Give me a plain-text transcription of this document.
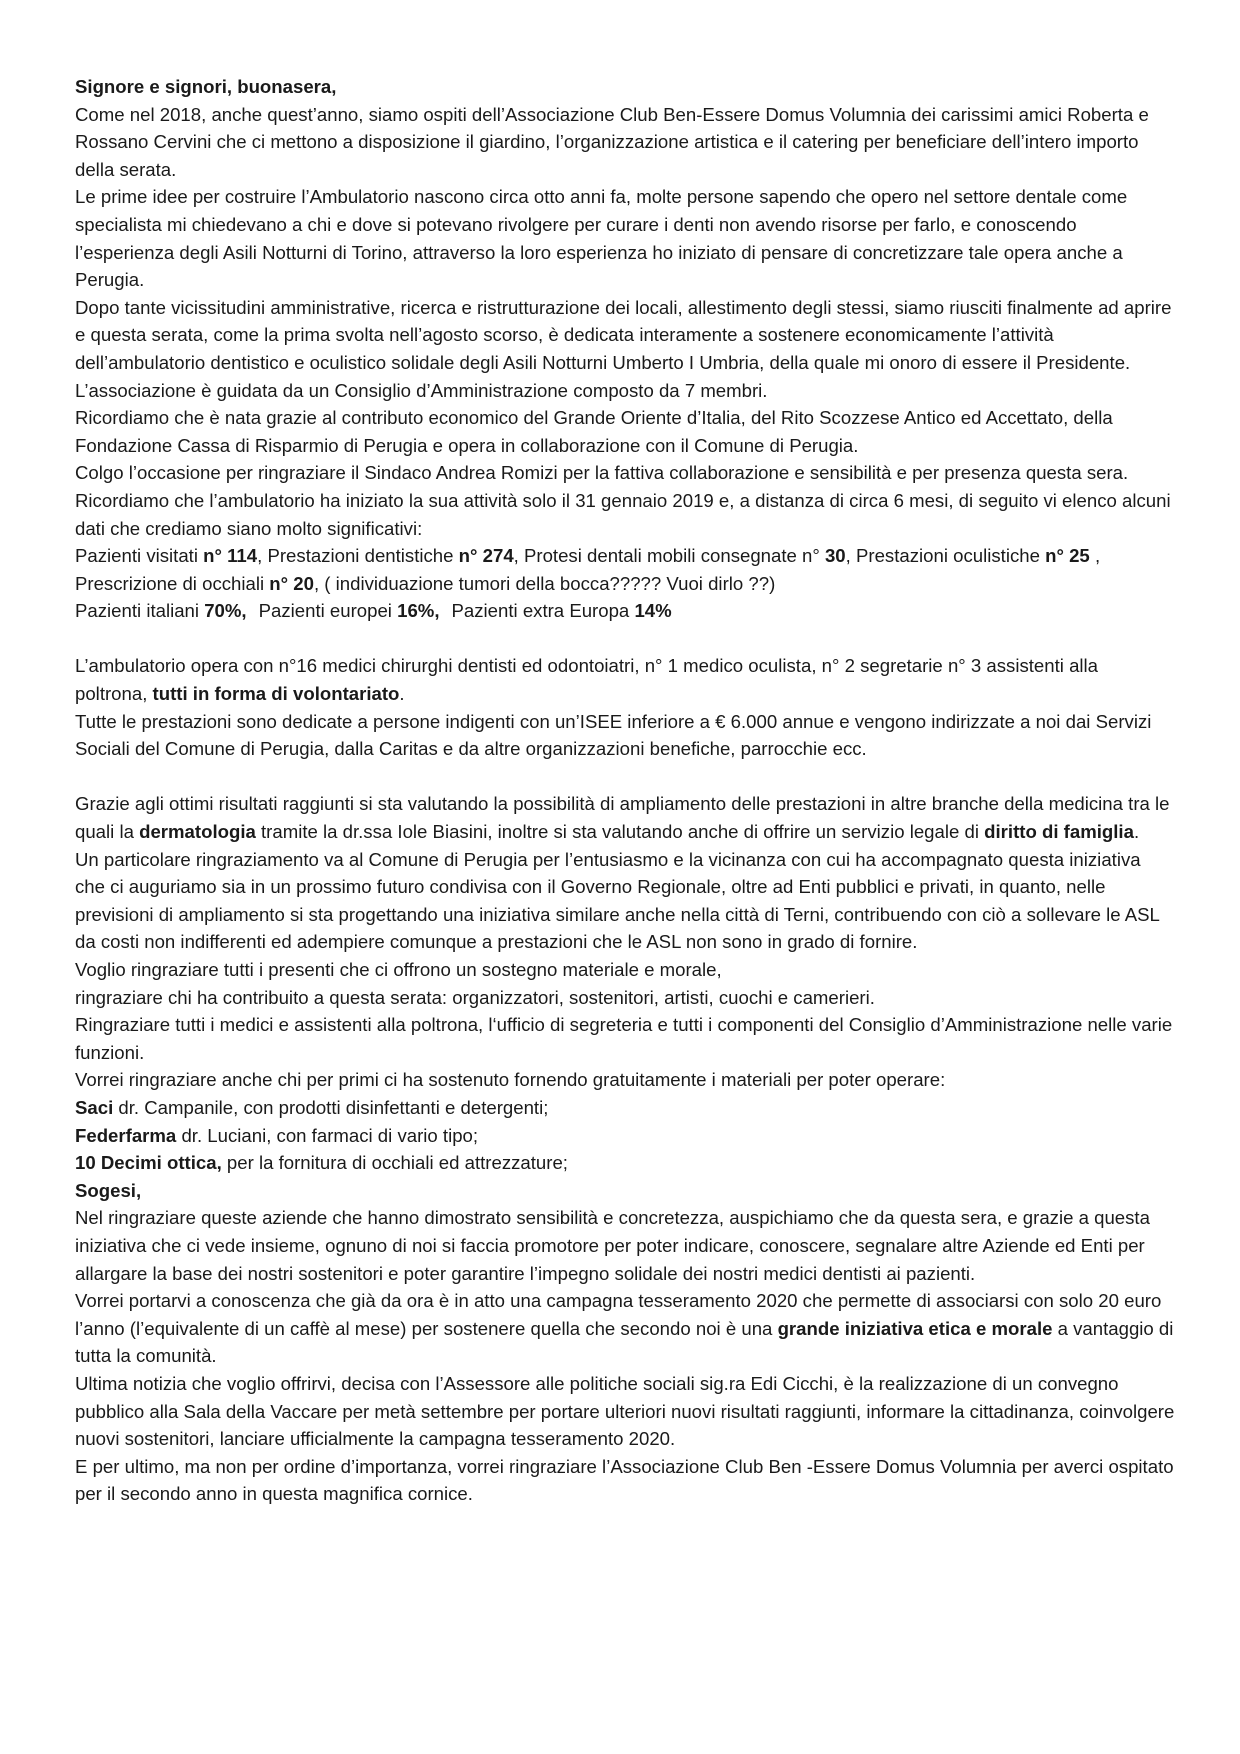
Signore e signori, buonasera,

Come nel 2018, anche quest’anno, siamo ospiti dell’Associazione Club Ben-Essere Domus Volumnia dei carissimi amici Roberta e Rossano Cervini che ci mettono a disposizione il giardino, l’organizzazione artistica e il catering per beneficiare dell’intero importo della serata.

Le prime idee per costruire l’Ambulatorio nascono circa otto anni fa, molte persone sapendo che opero nel settore dentale come specialista mi chiedevano a chi e dove si potevano rivolgere per curare i denti non avendo risorse per farlo, e conoscendo l’esperienza degli Asili Notturni di Torino, attraverso la loro esperienza ho iniziato di pensare di concretizzare tale opera anche a Perugia.

Dopo tante vicissitudini amministrative, ricerca e ristrutturazione dei locali, allestimento degli stessi, siamo riusciti finalmente ad aprire e questa serata, come la prima svolta nell’agosto scorso, è dedicata interamente a sostenere economicamente l’attività dell’ambulatorio dentistico e oculistico solidale degli Asili Notturni Umberto I Umbria, della quale mi onoro di essere il Presidente.

L’associazione è guidata da un Consiglio d’Amministrazione composto da 7 membri.

Ricordiamo che è nata grazie al contributo economico del Grande Oriente d’Italia, del Rito Scozzese Antico ed Accettato, della Fondazione Cassa di Risparmio di Perugia e opera in collaborazione con il Comune di Perugia.

Colgo l’occasione per ringraziare il Sindaco Andrea Romizi per la fattiva collaborazione e sensibilità e per presenza questa sera.

Ricordiamo che l’ambulatorio ha iniziato la sua attività solo il 31 gennaio 2019 e, a distanza di circa 6 mesi, di seguito vi elenco alcuni dati che crediamo siano molto significativi:

Pazienti visitati n° 114, Prestazioni dentistiche n° 274, Protesi dentali mobili consegnate n° 30, Prestazioni oculistiche n° 25 , Prescrizione di occhiali n° 20, ( individuazione tumori della bocca????? Vuoi dirlo ??)

Pazienti italiani 70%, Pazienti europei 16%, Pazienti extra Europa 14%

L’ambulatorio opera con n°16 medici chirurghi dentisti ed odontoiatri, n° 1 medico oculista, n° 2 segretarie n° 3 assistenti alla poltrona, tutti in forma di volontariato.

Tutte le prestazioni sono dedicate a persone indigenti con un’ISEE inferiore a € 6.000 annue e vengono indirizzate a noi dai Servizi Sociali del Comune di Perugia, dalla Caritas e da altre organizzazioni benefiche, parrocchie ecc.

Grazie agli ottimi risultati raggiunti si sta valutando la possibilità di ampliamento delle prestazioni in altre branche della medicina tra le quali la dermatologia tramite la dr.ssa Iole Biasini, inoltre si sta valutando anche di offrire un servizio legale di diritto di famiglia.

Un particolare ringraziamento va al Comune di Perugia per l’entusiasmo e la vicinanza con cui ha accompagnato questa iniziativa che ci auguriamo sia in un prossimo futuro condivisa con il Governo Regionale, oltre ad Enti pubblici e privati, in quanto, nelle previsioni di ampliamento si sta progettando una iniziativa similare anche nella città di Terni, contribuendo con ciò a sollevare le ASL da costi non indifferenti ed adempiere comunque a prestazioni che le ASL non sono in grado di fornire.

Voglio ringraziare tutti i presenti che ci offrono un sostegno materiale e morale,

ringraziare chi ha contribuito a questa serata: organizzatori, sostenitori, artisti, cuochi e camerieri.

Ringraziare tutti i medici e assistenti alla poltrona, l‘ufficio di segreteria e tutti i componenti del Consiglio d’Amministrazione nelle varie funzioni.

Vorrei ringraziare anche chi per primi ci ha sostenuto fornendo gratuitamente i materiali per poter operare:

Saci dr. Campanile, con prodotti disinfettanti e detergenti;

Federfarma dr. Luciani, con farmaci di vario tipo;

10 Decimi ottica, per la fornitura di occhiali ed attrezzature;

Sogesi,

Nel ringraziare queste aziende che hanno dimostrato sensibilità e concretezza, auspichiamo che da questa sera, e grazie a questa iniziativa che ci vede insieme, ognuno di noi si faccia promotore per poter indicare, conoscere, segnalare altre Aziende ed Enti per allargare la base dei nostri sostenitori e poter garantire l’impegno solidale dei nostri medici dentisti ai pazienti.

Vorrei portarvi a conoscenza che già da ora è in atto una campagna tesseramento 2020 che permette di associarsi con solo 20 euro l’anno (l’equivalente di un caffè al mese) per sostenere quella che secondo noi è una grande iniziativa etica e morale a vantaggio di tutta la comunità.

Ultima notizia che voglio offrirvi, decisa con l’Assessore alle politiche sociali sig.ra Edi Cicchi, è la realizzazione di un convegno pubblico alla Sala della Vaccare per metà settembre per portare ulteriori nuovi risultati raggiunti, informare la cittadinanza, coinvolgere nuovi sostenitori, lanciare ufficialmente la campagna tesseramento 2020.

E per ultimo, ma non per ordine d’importanza, vorrei ringraziare l’Associazione Club Ben -Essere Domus Volumnia per averci ospitato per il secondo anno in questa magnifica cornice.
